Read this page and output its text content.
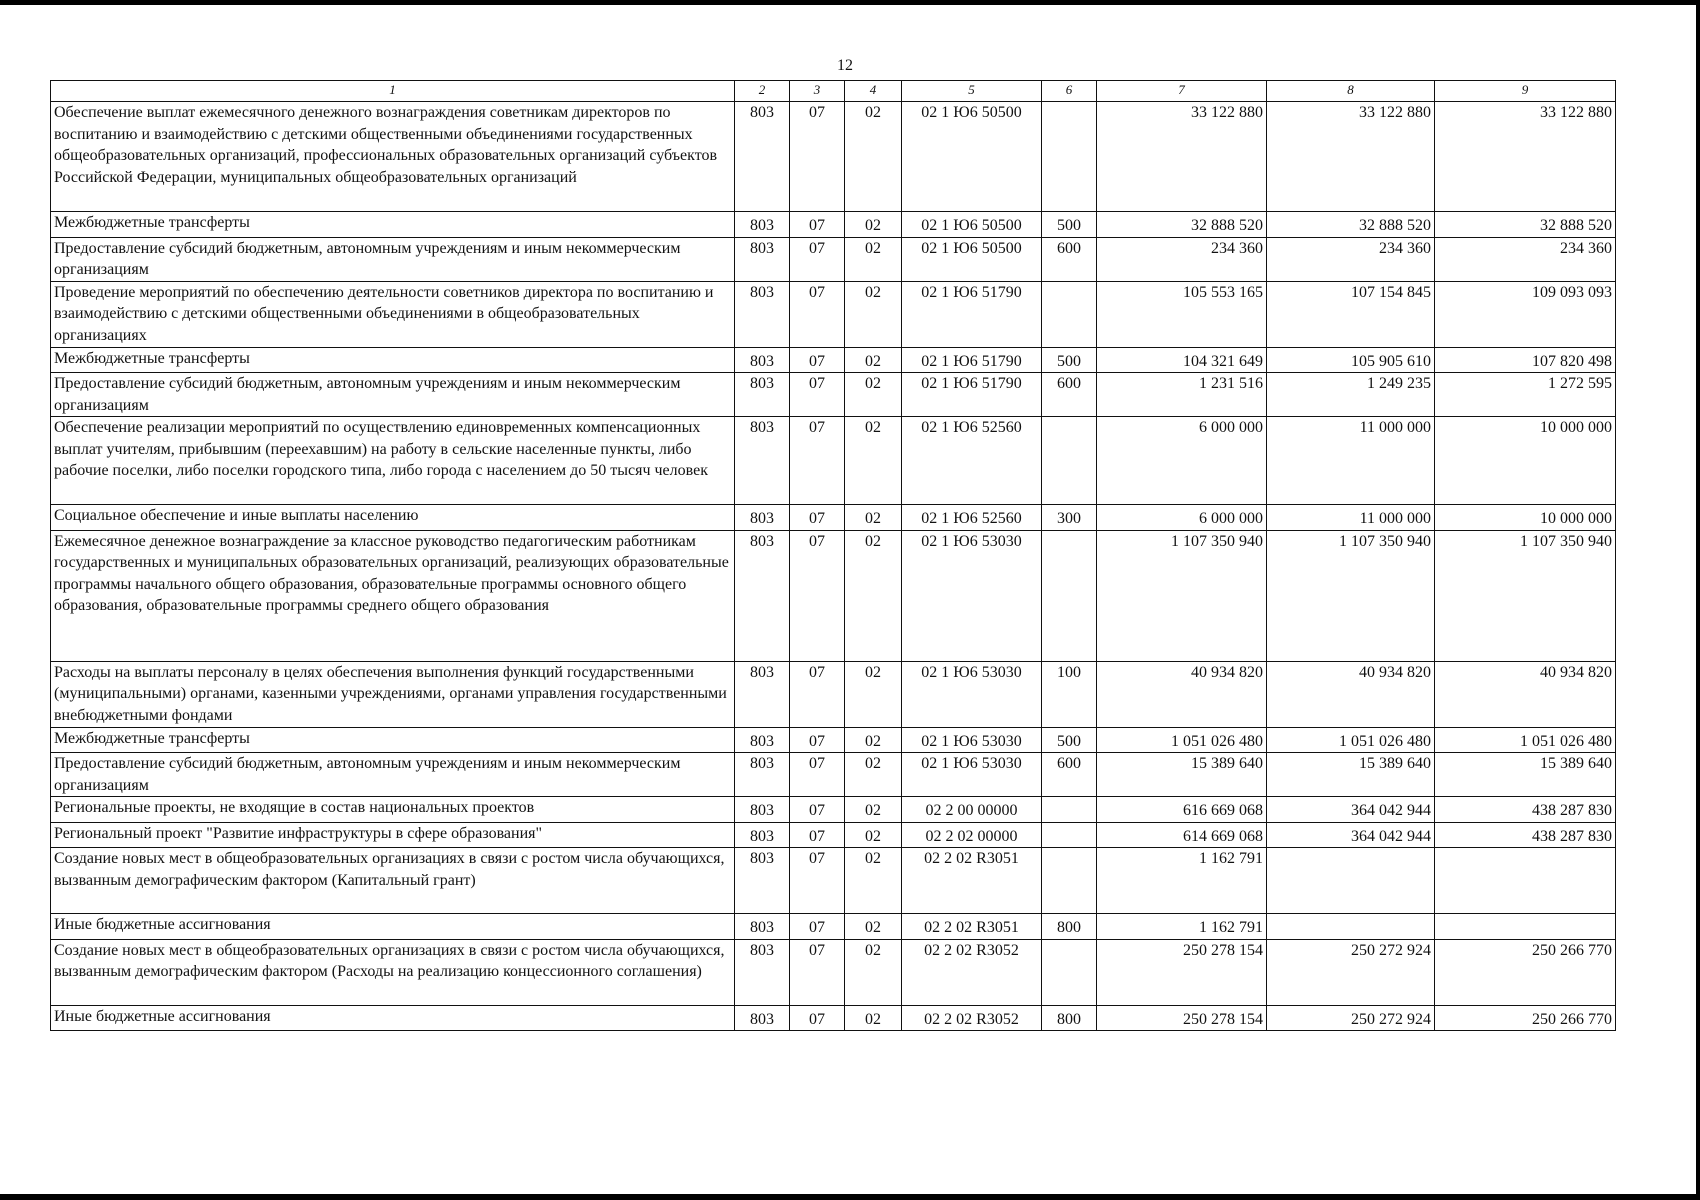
12
1	2	3	4	5	6	7	8	9
Обеспечение выплат ежемесячного денежного вознаграждения советникам директоров по воспитанию и взаимодействию с детскими общественными объединениями государственных общеобразовательных организаций, профессиональных образовательных организаций субъектов Российской Федерации, муниципальных общеобразовательных организаций	803	07	02	02 1 Ю6 50500		33 122 880	33 122 880	33 122 880
Межбюджетные трансферты	803	07	02	02 1 Ю6 50500	500	32 888 520	32 888 520	32 888 520
Предоставление субсидий бюджетным, автономным учреждениям и иным некоммерческим организациям	803	07	02	02 1 Ю6 50500	600	234 360	234 360	234 360
Проведение мероприятий по обеспечению деятельности советников директора по воспитанию и взаимодействию с детскими общественными объединениями в общеобразовательных организациях	803	07	02	02 1 Ю6 51790		105 553 165	107 154 845	109 093 093
Межбюджетные трансферты	803	07	02	02 1 Ю6 51790	500	104 321 649	105 905 610	107 820 498
Предоставление субсидий бюджетным, автономным учреждениям и иным некоммерческим организациям	803	07	02	02 1 Ю6 51790	600	1 231 516	1 249 235	1 272 595
Обеспечение реализации мероприятий по осуществлению единовременных компенсационных выплат учителям, прибывшим (переехавшим) на работу в сельские населенные пункты, либо рабочие поселки, либо поселки городского типа, либо города с населением до 50 тысяч человек	803	07	02	02 1 Ю6 52560		6 000 000	11 000 000	10 000 000
Социальное обеспечение и иные выплаты населению	803	07	02	02 1 Ю6 52560	300	6 000 000	11 000 000	10 000 000
Ежемесячное денежное вознаграждение за классное руководство педагогическим работникам государственных и муниципальных образовательных организаций, реализующих образовательные программы начального общего образования, образовательные программы основного общего образования, образовательные программы среднего общего образования	803	07	02	02 1 Ю6 53030		1 107 350 940	1 107 350 940	1 107 350 940
Расходы на выплаты персоналу в целях обеспечения выполнения функций государственными (муниципальными) органами, казенными учреждениями, органами управления государственными внебюджетными фондами	803	07	02	02 1 Ю6 53030	100	40 934 820	40 934 820	40 934 820
Межбюджетные трансферты	803	07	02	02 1 Ю6 53030	500	1 051 026 480	1 051 026 480	1 051 026 480
Предоставление субсидий бюджетным, автономным учреждениям и иным некоммерческим организациям	803	07	02	02 1 Ю6 53030	600	15 389 640	15 389 640	15 389 640
Региональные проекты, не входящие в состав национальных проектов	803	07	02	02 2 00 00000		616 669 068	364 042 944	438 287 830
Региональный проект "Развитие инфраструктуры в сфере образования"	803	07	02	02 2 02 00000		614 669 068	364 042 944	438 287 830
Создание новых мест в общеобразовательных организациях в связи с ростом числа обучающихся, вызванным демографическим фактором (Капитальный грант)	803	07	02	02 2 02 R3051		1 162 791		
Иные бюджетные ассигнования	803	07	02	02 2 02 R3051	800	1 162 791		
Создание новых мест в общеобразовательных организациях в связи с ростом числа обучающихся, вызванным демографическим фактором (Расходы на реализацию концессионного соглашения)	803	07	02	02 2 02 R3052		250 278 154	250 272 924	250 266 770
Иные бюджетные ассигнования	803	07	02	02 2 02 R3052	800	250 278 154	250 272 924	250 266 770
